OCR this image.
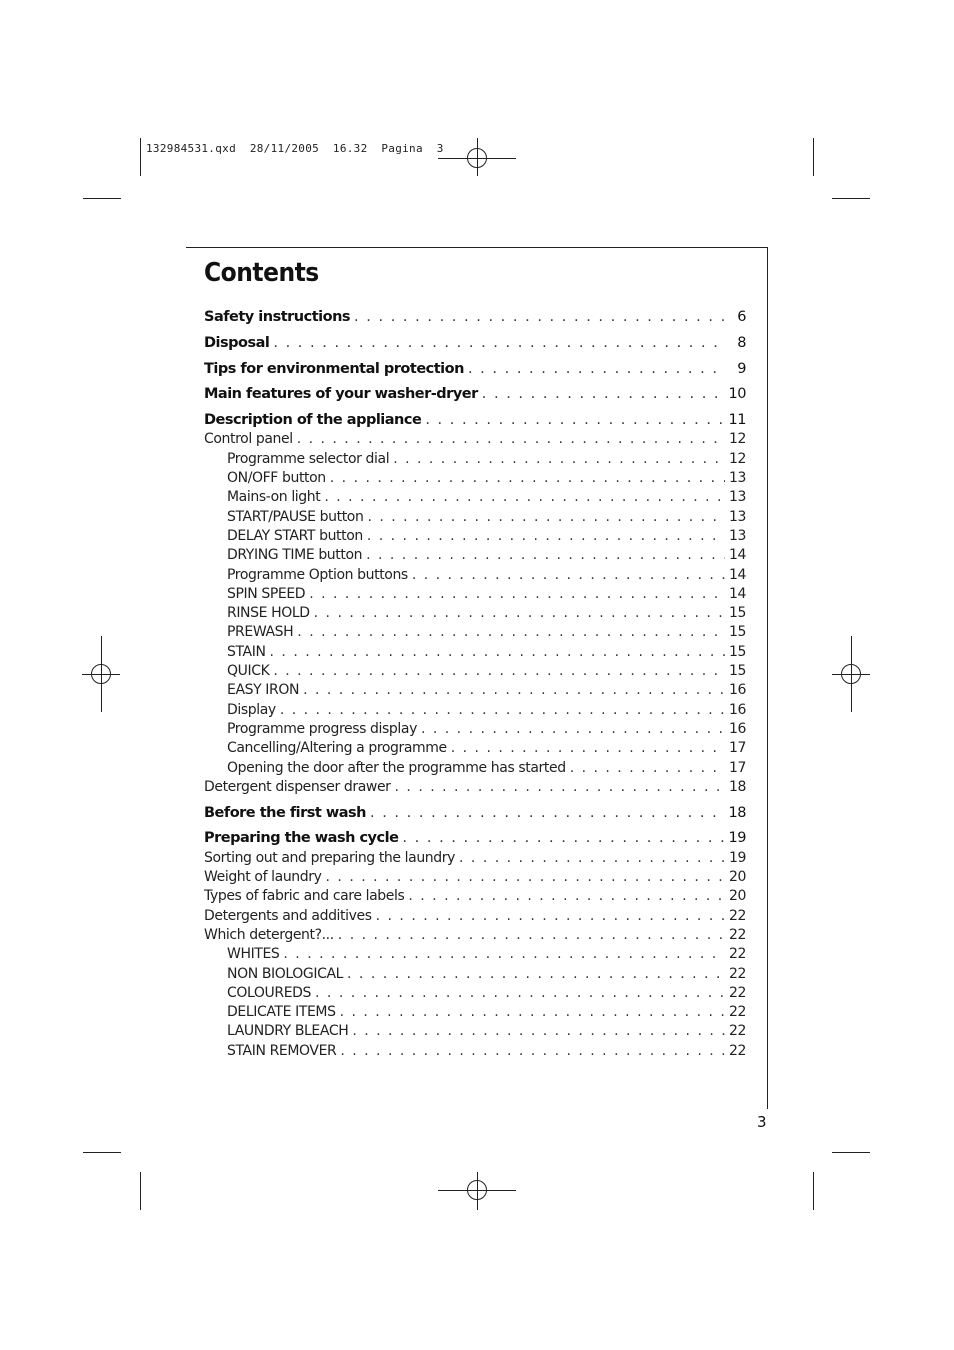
132984531.qxd  28/11/2005  16.32  Pagina  3
Contents
Safety instructions . . .	6
Disposal . . .	8
Tips for environmental protection . . .	9
Main features of your washer-dryer . . .	10
Description of the appliance . . .	11
Control panel . . .	12
Programme selector dial . . .	12
ON/OFF button . . .	13
Mains-on light . . .	13
START/PAUSE button . . .	13
DELAY START button . . .	13
DRYING TIME button . . .	14
Programme Option buttons . . .	14
SPIN SPEED . . .	14
RINSE HOLD . . .	15
PREWASH . . .	15
STAIN . . .	15
QUICK . . .	15
EASY IRON . . .	16
Display . . .	16
Programme progress display . . .	16
Cancelling/Altering a programme . . .	17
Opening the door after the programme has started . . .	17
Detergent dispenser drawer . . .	18
Before the first wash . . .	18
Preparing the wash cycle . . .	19
Sorting out and preparing the laundry . . .	19
Weight of laundry . . .	20
Types of fabric and care labels . . .	20
Detergents and additives . . .	22
Which detergent?... . . .	22
WHITES . . .	22
NON BIOLOGICAL . . .	22
COLOUREDS . . .	22
DELICATE ITEMS . . .	22
LAUNDRY BLEACH . . .	22
STAIN REMOVER . . .	22
3
